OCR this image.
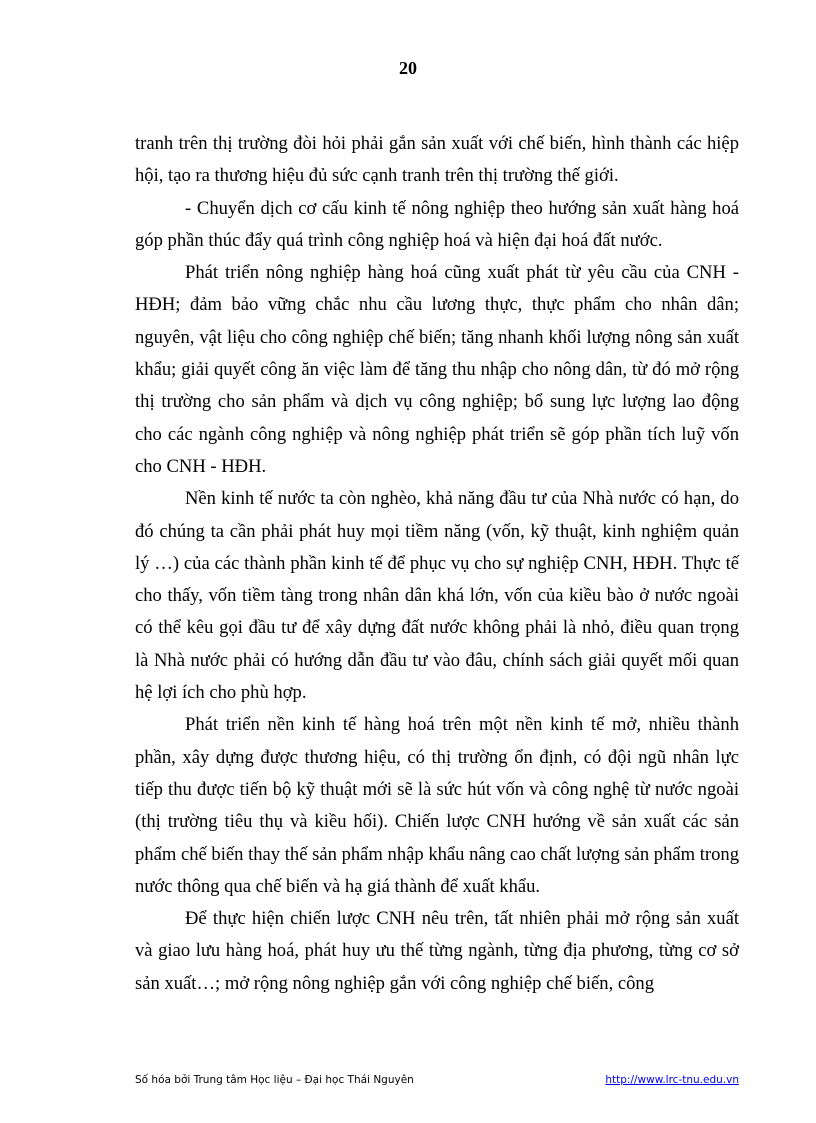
20

tranh trên thị trường đòi hỏi phải gắn sản xuất với chế biến, hình thành các hiệp hội, tạo ra thương hiệu đủ sức cạnh tranh trên thị trường thế giới.

- Chuyển dịch cơ cấu kinh tế nông nghiệp theo hướng sản xuất hàng hoá góp phần thúc đẩy quá trình công nghiệp hoá và hiện đại hoá đất nước.

Phát triển nông nghiệp hàng hoá cũng xuất phát từ yêu cầu của CNH - HĐH; đảm bảo vững chắc nhu cầu lương thực, thực phẩm cho nhân dân; nguyên, vật liệu cho công nghiệp chế biến; tăng nhanh khối lượng nông sản xuất khẩu; giải quyết công ăn việc làm để tăng thu nhập cho nông dân, từ đó mở rộng thị trường cho sản phẩm và dịch vụ công nghiệp; bổ sung lực lượng lao động cho các ngành công nghiệp và nông nghiệp phát triển sẽ góp phần tích luỹ vốn cho CNH - HĐH.

Nền kinh tế nước ta còn nghèo, khả năng đầu tư của Nhà nước có hạn, do đó chúng ta cần phải phát huy mọi tiềm năng (vốn, kỹ thuật, kinh nghiệm quản lý …) của các thành phần kinh tế để phục vụ cho sự nghiệp CNH, HĐH. Thực tế cho thấy, vốn tiềm tàng trong nhân dân khá lớn, vốn của kiều bào ở nước ngoài có thể kêu gọi đầu tư để xây dựng đất nước không phải là nhỏ, điều quan trọng là Nhà nước phải có hướng dẫn đầu tư vào đâu, chính sách giải quyết mối quan hệ lợi ích cho phù hợp.

Phát triển nền kinh tế hàng hoá trên một nền kinh tế mở, nhiều thành phần, xây dựng được thương hiệu, có thị trường ổn định, có đội ngũ nhân lực tiếp thu được tiến bộ kỹ thuật mới sẽ là sức hút vốn và công nghệ từ nước ngoài (thị trường tiêu thụ và kiều hối). Chiến lược CNH hướng về sản xuất các sản phẩm chế biến thay thế sản phẩm nhập khẩu nâng cao chất lượng sản phẩm trong nước thông qua chế biến và hạ giá thành để xuất khẩu.

Để thực hiện chiến lược CNH nêu trên, tất nhiên phải mở rộng sản xuất và giao lưu hàng hoá, phát huy ưu thế từng ngành, từng địa phương, từng cơ sở sản xuất…; mở rộng nông nghiệp gắn với công nghiệp chế biến, công

Số hóa bởi Trung tâm Học liệu – Đại học Thái Nguyên	http://www.lrc-tnu.edu.vn
